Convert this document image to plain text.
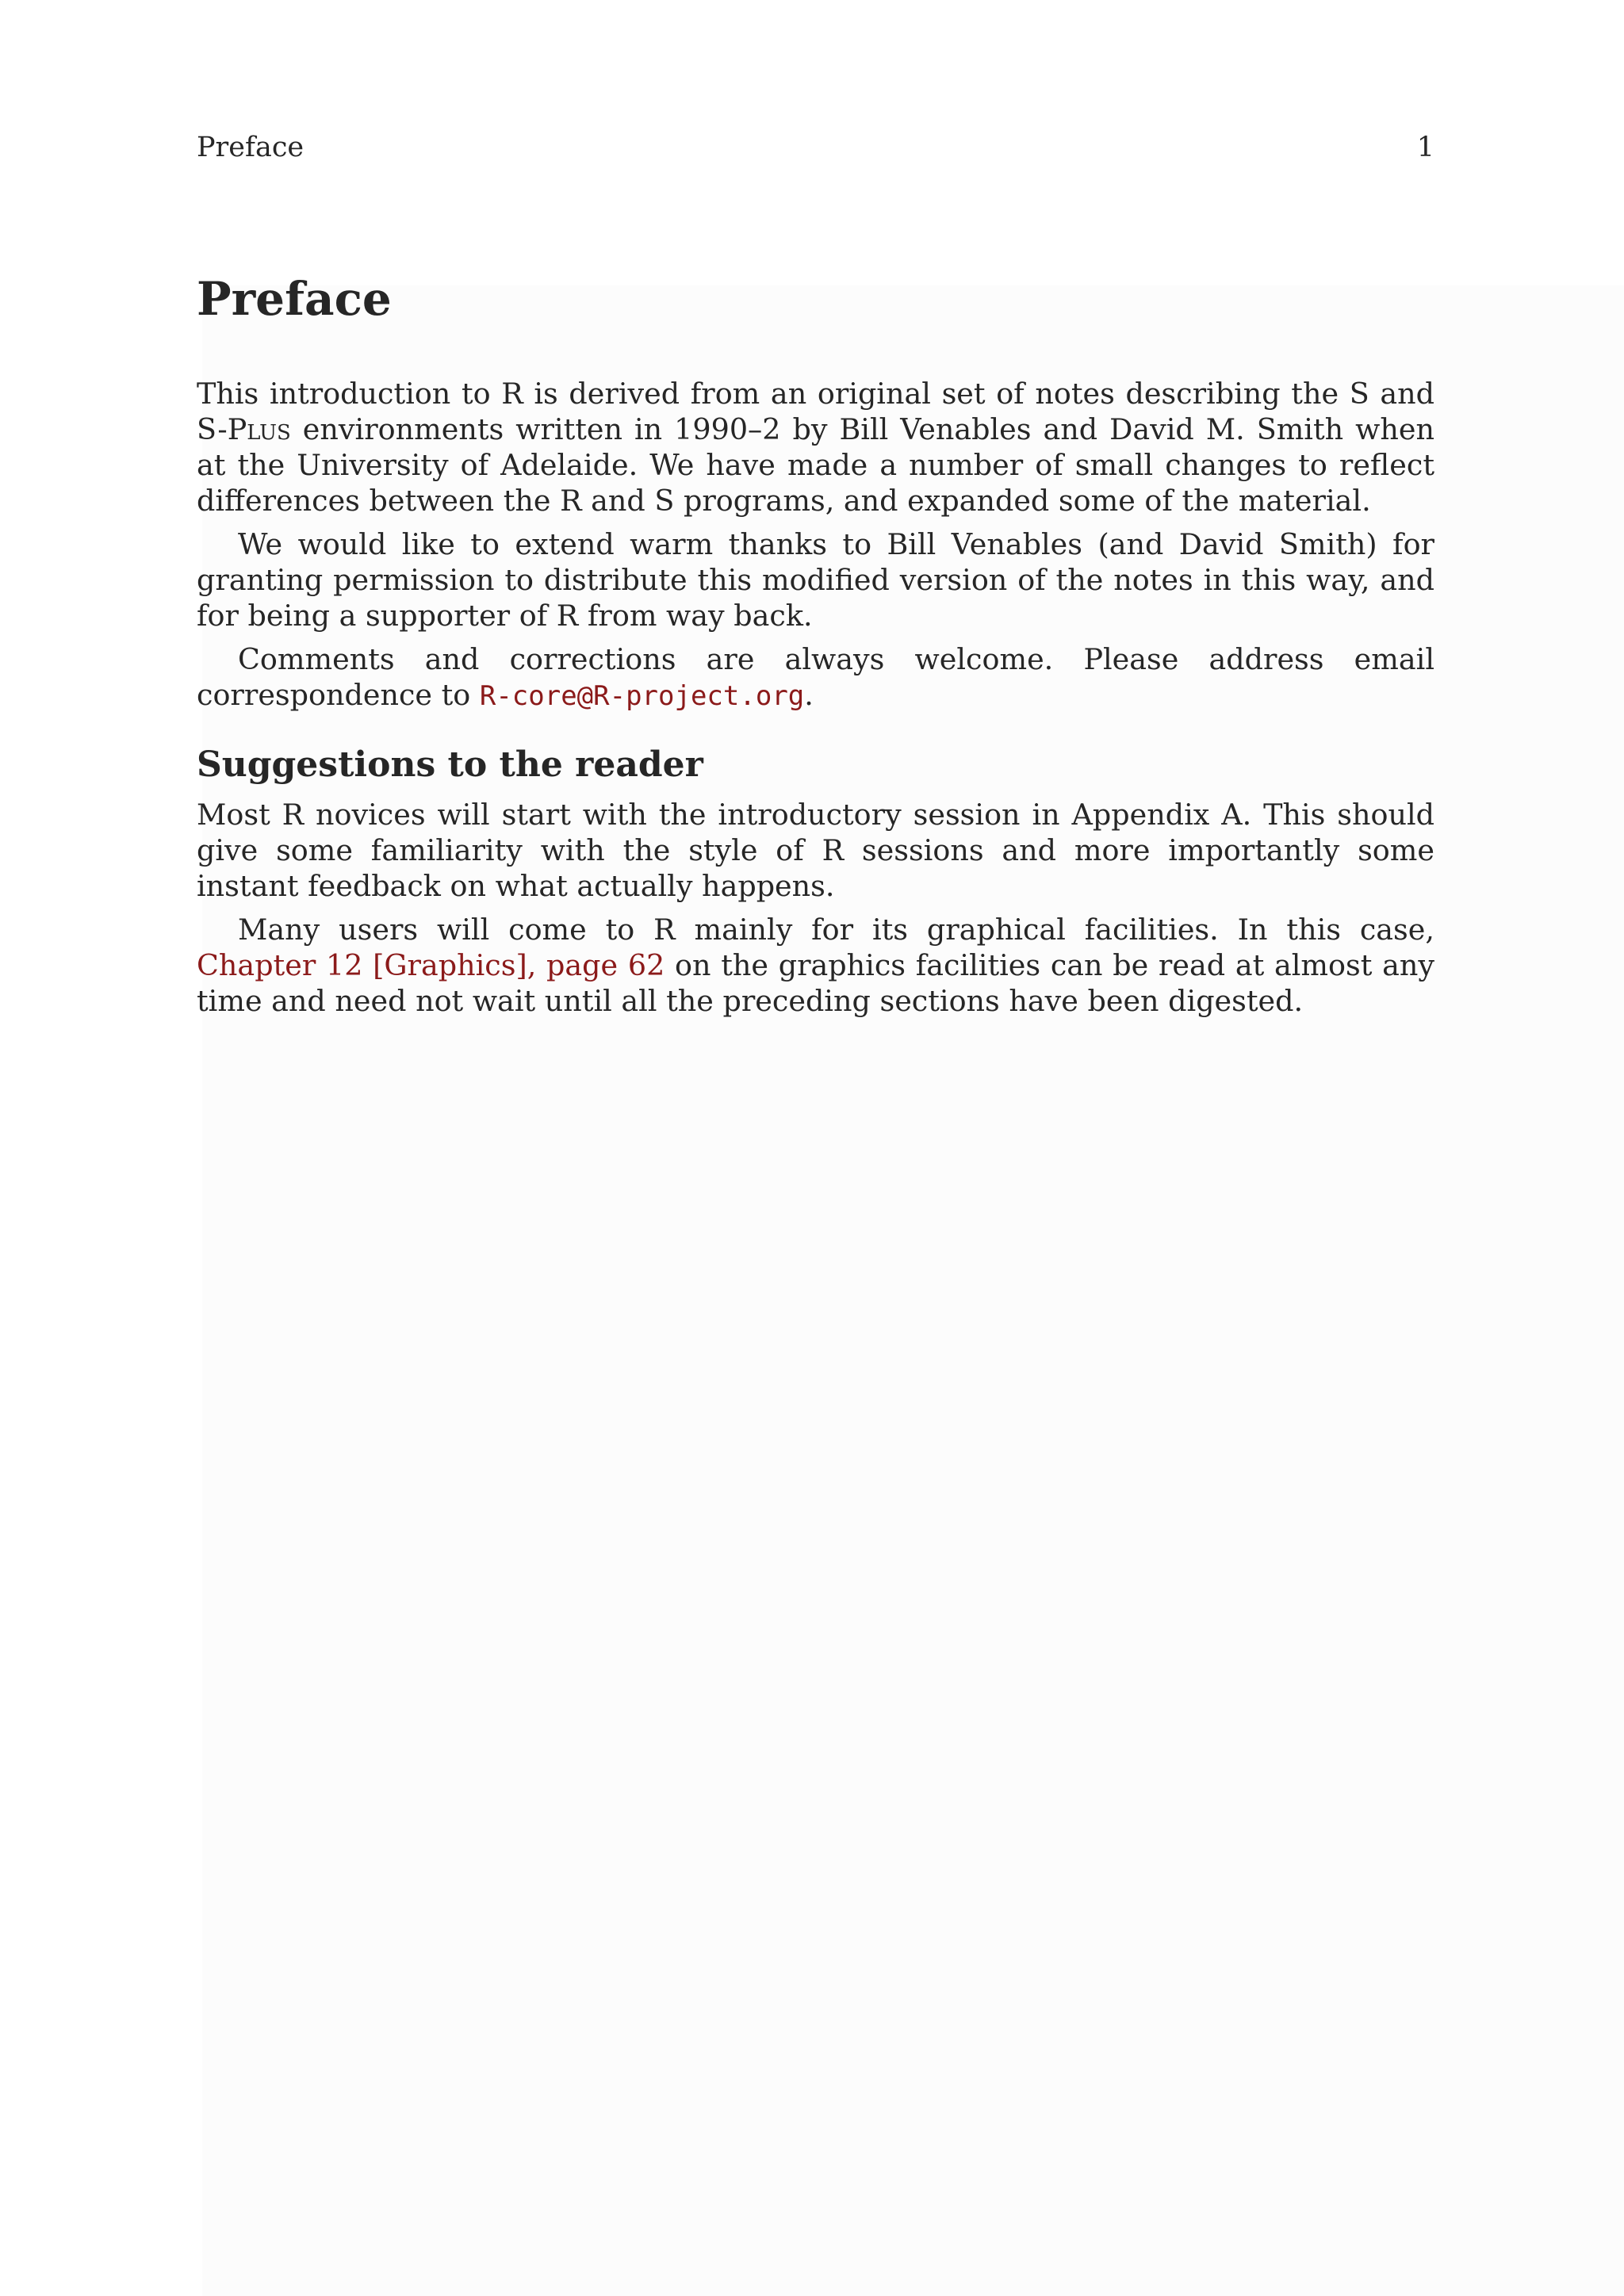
Preface	1
Preface

This introduction to R is derived from an original set of notes describing the S and S-Plus environments written in 1990–2 by Bill Venables and David M. Smith when at the University of Adelaide. We have made a number of small changes to reflect differences between the R and S programs, and expanded some of the material.

We would like to extend warm thanks to Bill Venables (and David Smith) for granting permission to distribute this modified version of the notes in this way, and for being a supporter of R from way back.

Comments and corrections are always welcome. Please address email correspondence to R-core@R-project.org.

Suggestions to the reader

Most R novices will start with the introductory session in Appendix A. This should give some familiarity with the style of R sessions and more importantly some instant feedback on what actually happens.

Many users will come to R mainly for its graphical facilities. In this case, Chapter 12 [Graphics], page 62 on the graphics facilities can be read at almost any time and need not wait until all the preceding sections have been digested.
